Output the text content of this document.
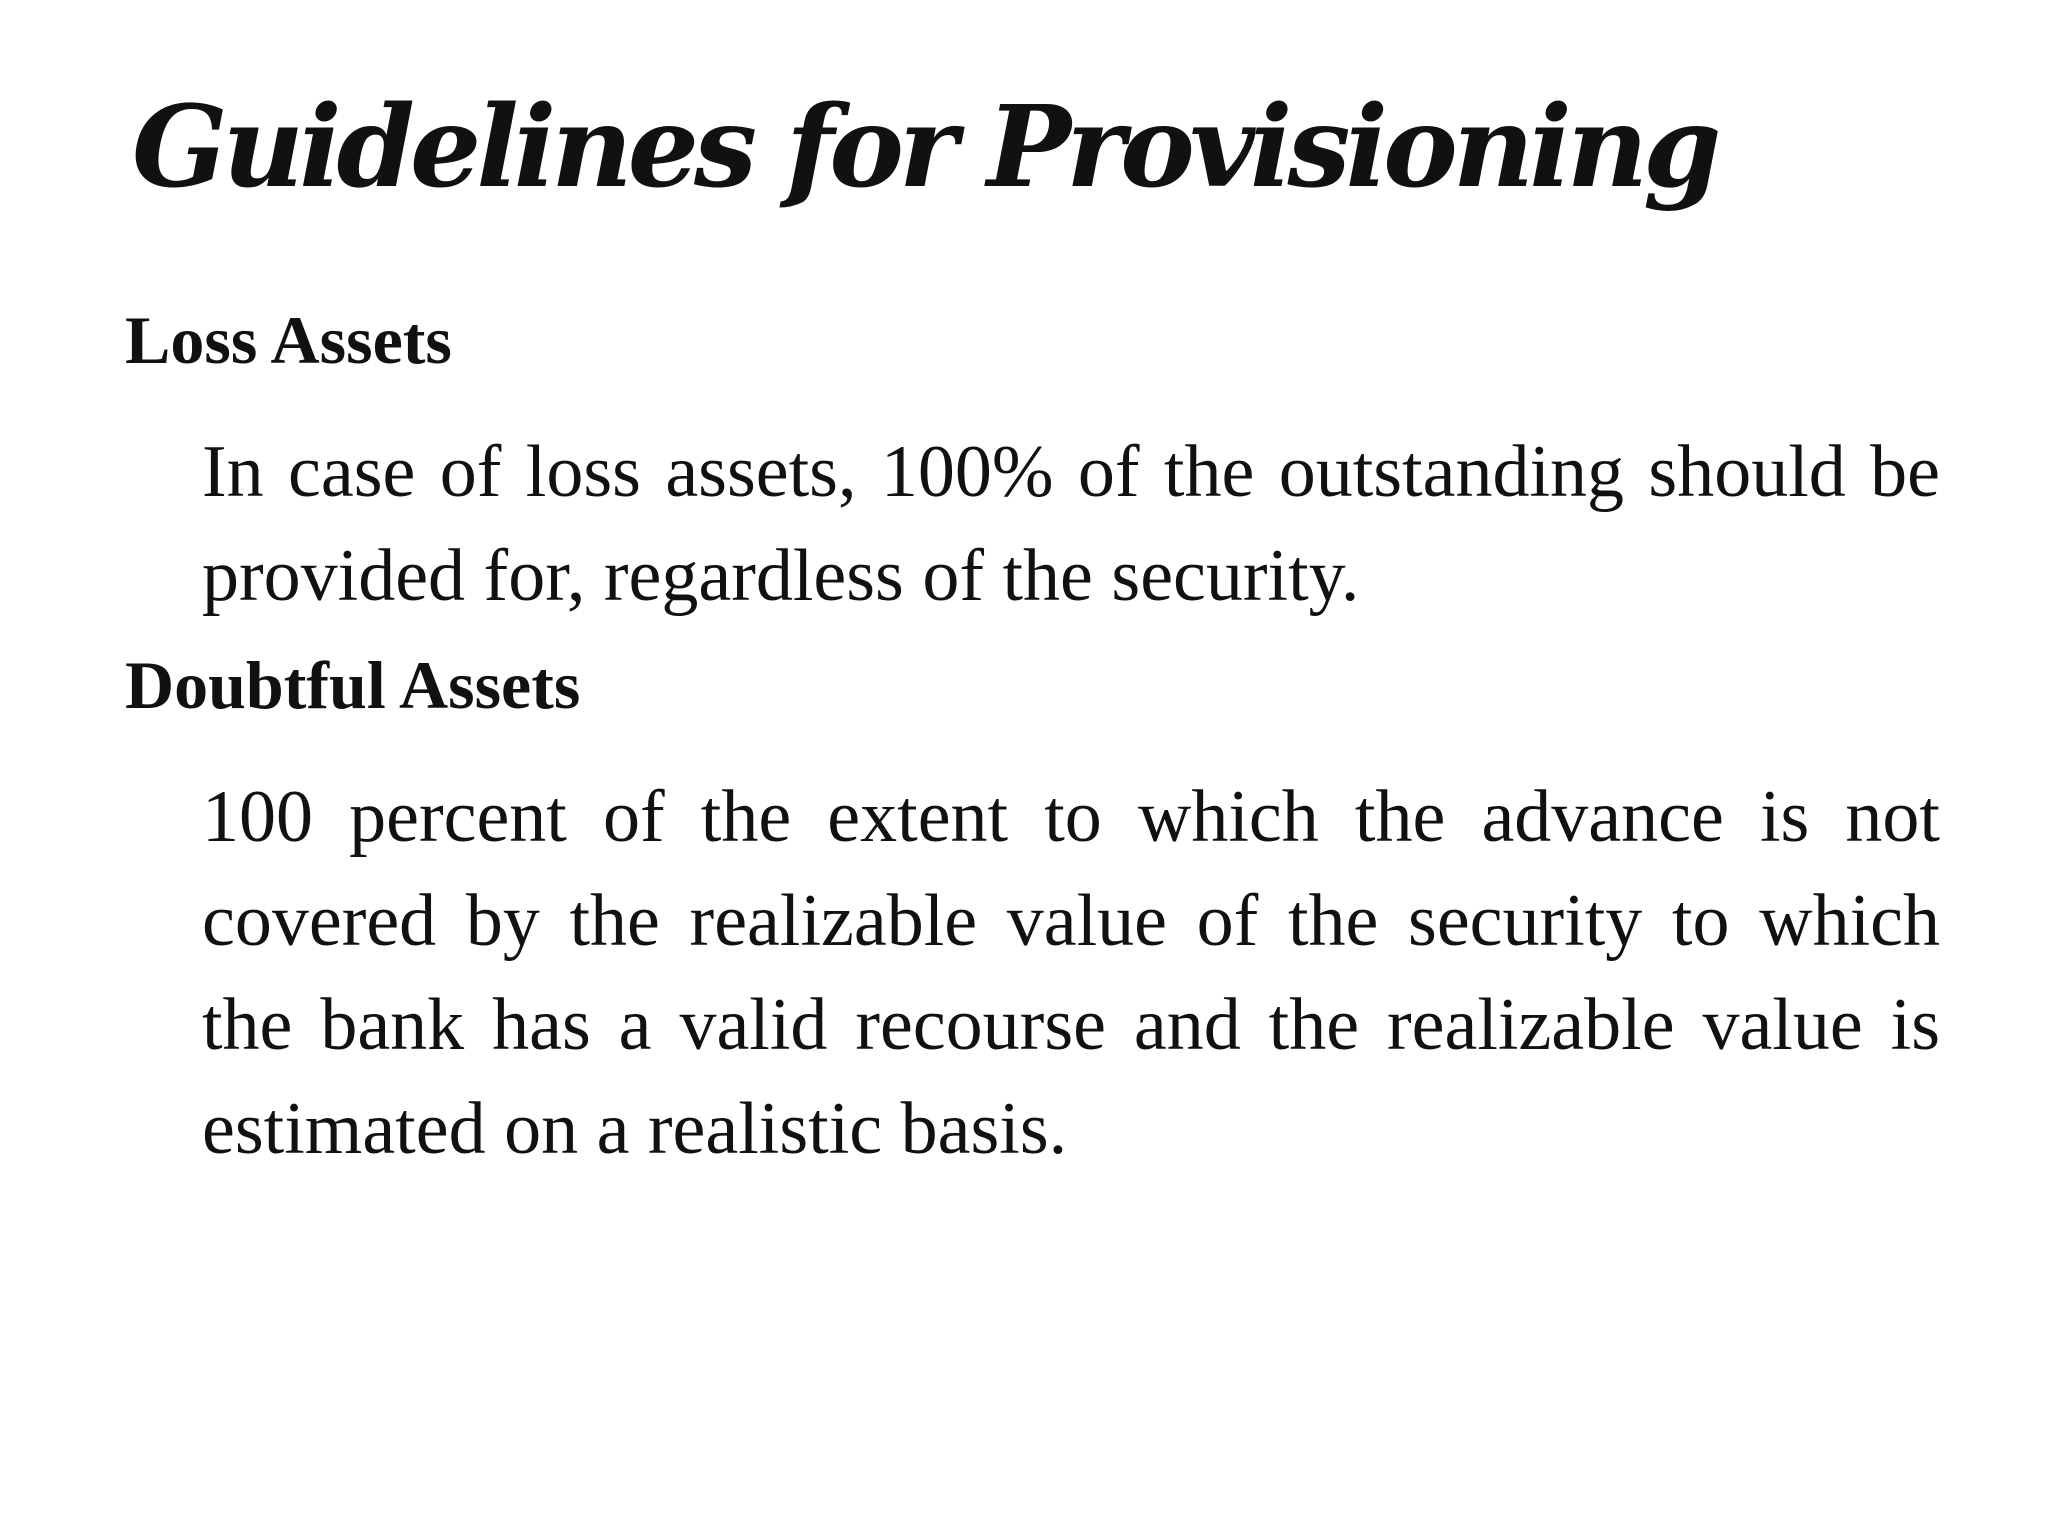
Guidelines for Provisioning
Loss Assets

In case of loss assets, 100% of the outstanding should be provided for, regardless of the security.

Doubtful Assets

100 percent of the extent to which the advance is not covered by the realizable value of the security to which the bank has a valid recourse and the realizable value is estimated on a realistic basis.
